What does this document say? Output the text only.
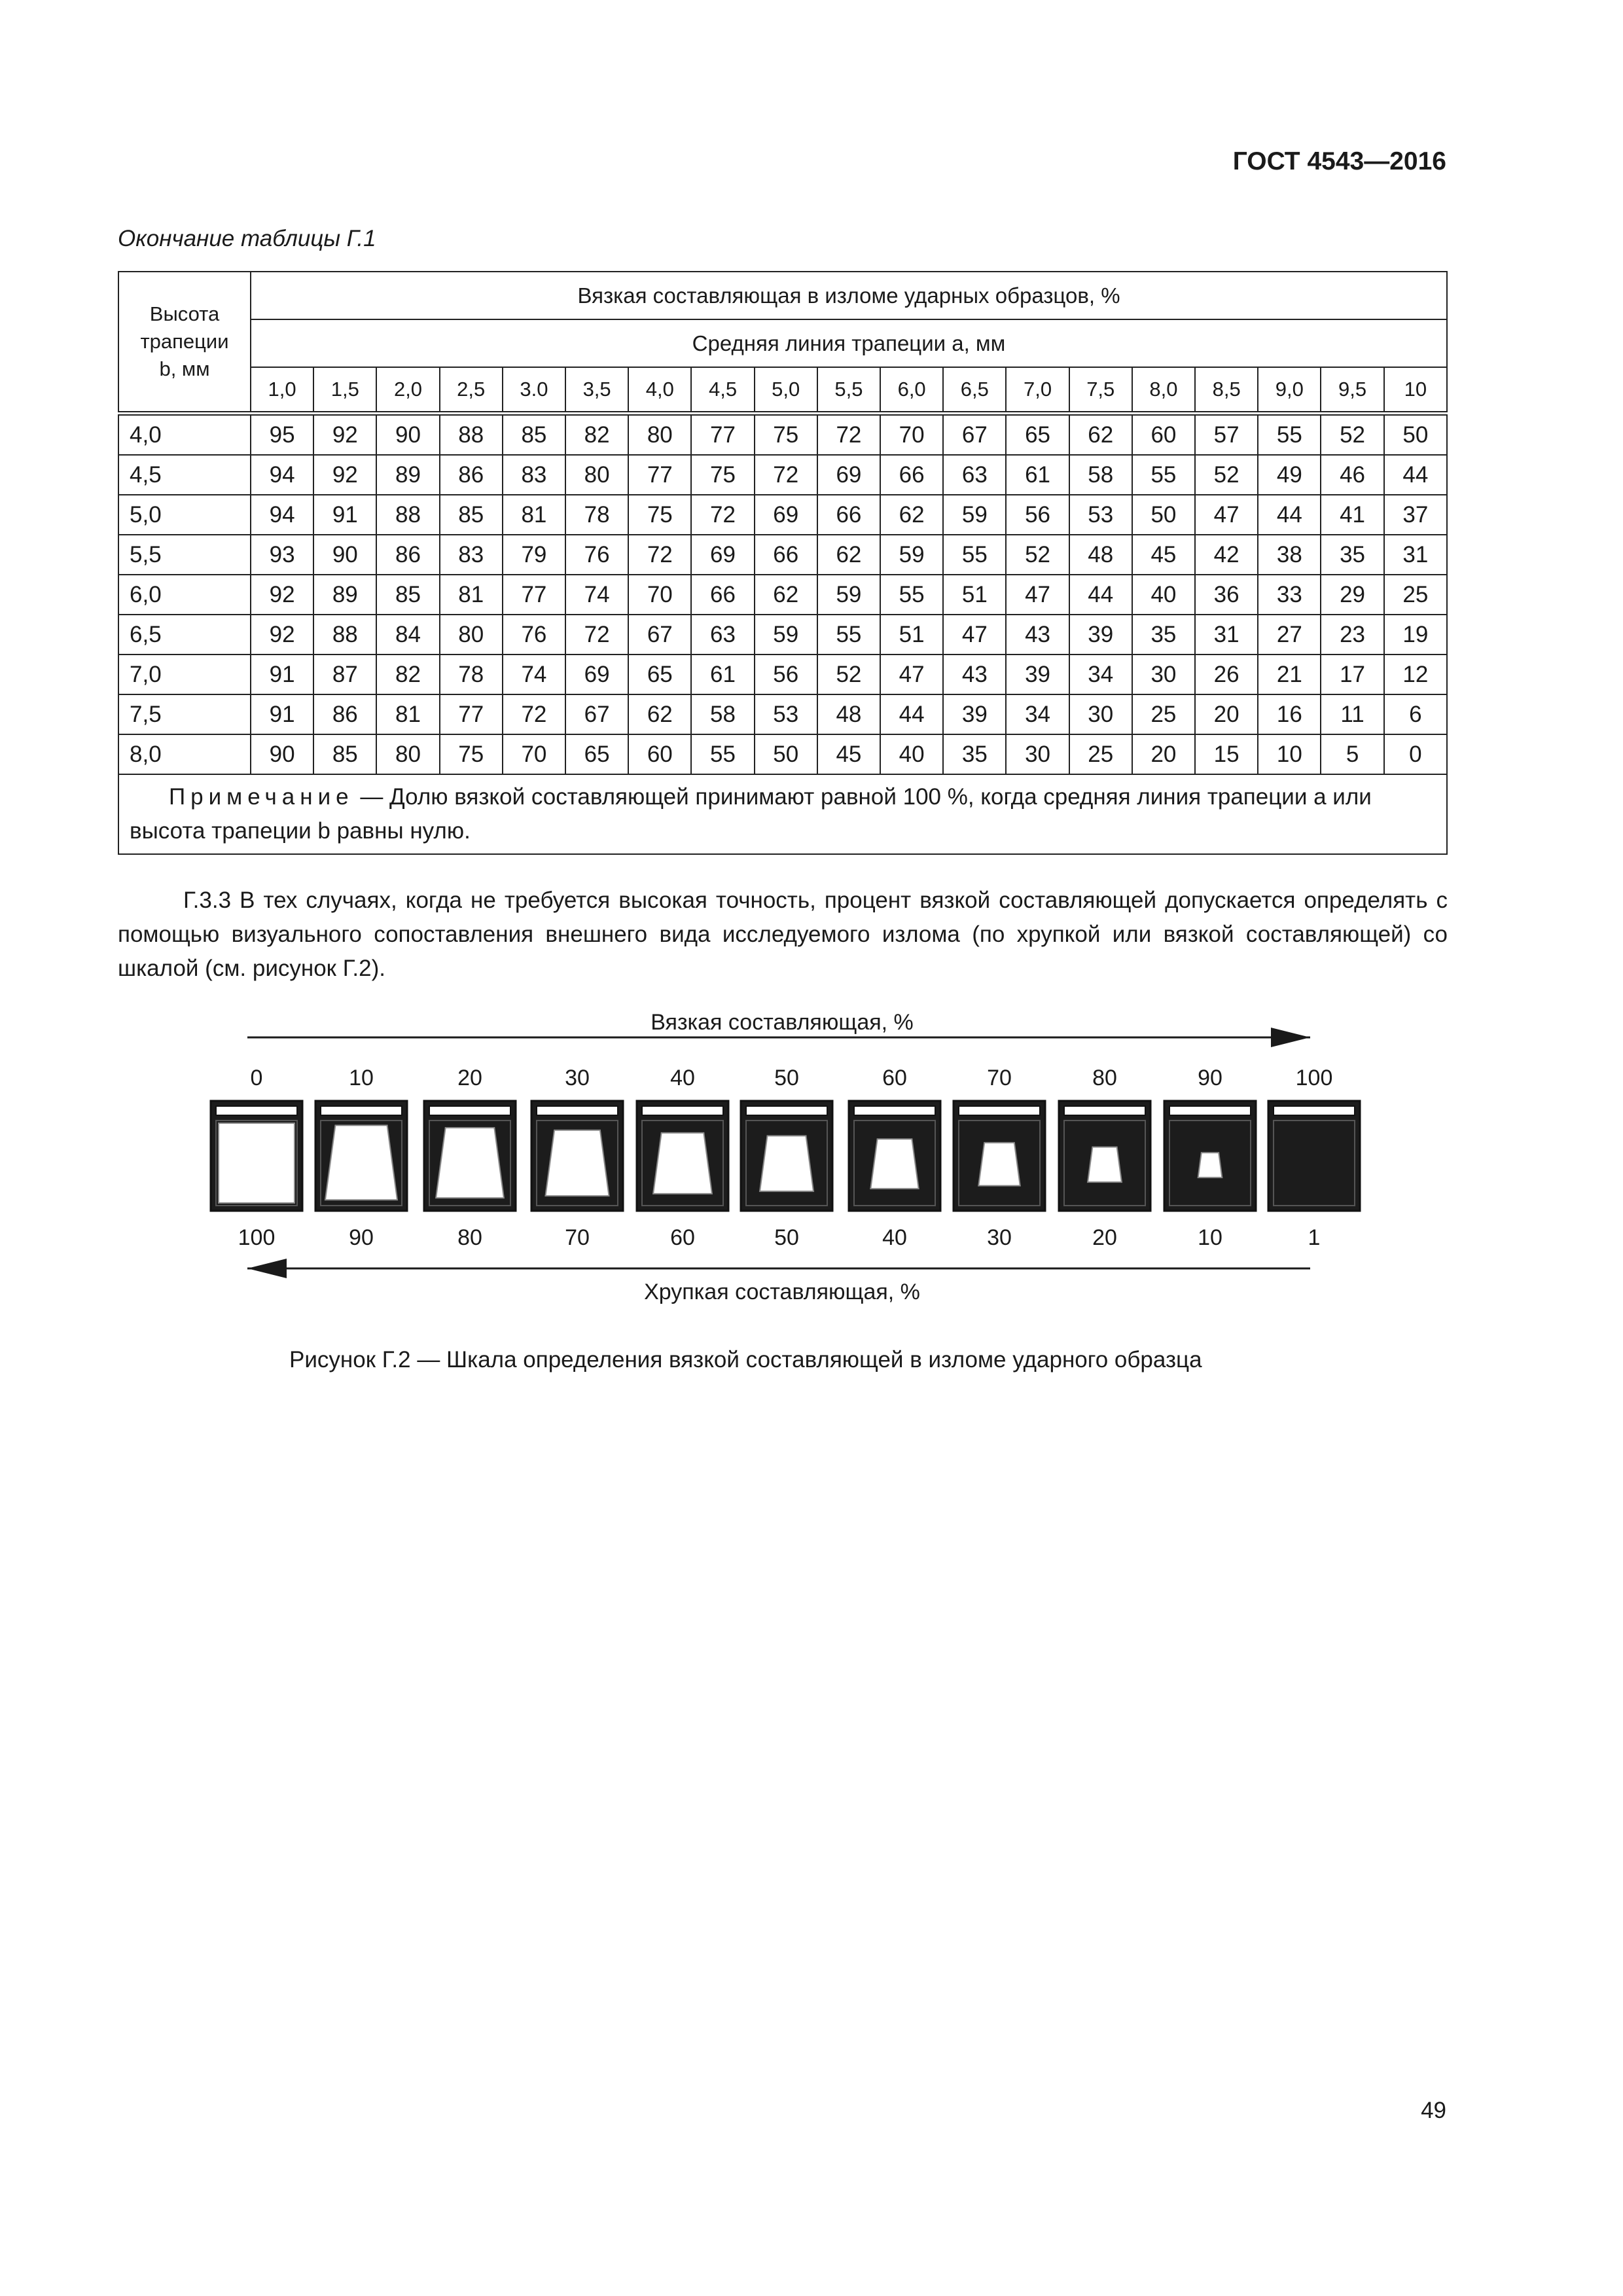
ГОСТ 4543—2016
Окончание таблицы Г.1
Высота
трапеции
b, мм	Вязкая составляющая в изломе ударных образцов, %																		
	Средняя линия трапеции a, мм																		
	1,0	1,5	2,0	2,5	3.0	3,5	4,0	4,5	5,0	5,5	6,0	6,5	7,0	7,5	8,0	8,5	9,0	9,5	10
4,0	95	92	90	88	85	82	80	77	75	72	70	67	65	62	60	57	55	52	50
4,5	94	92	89	86	83	80	77	75	72	69	66	63	61	58	55	52	49	46	44
5,0	94	91	88	85	81	78	75	72	69	66	62	59	56	53	50	47	44	41	37
5,5	93	90	86	83	79	76	72	69	66	62	59	55	52	48	45	42	38	35	31
6,0	92	89	85	81	77	74	70	66	62	59	55	51	47	44	40	36	33	29	25
6,5	92	88	84	80	76	72	67	63	59	55	51	47	43	39	35	31	27	23	19
7,0	91	87	82	78	74	69	65	61	56	52	47	43	39	34	30	26	21	17	12
7,5	91	86	81	77	72	67	62	58	53	48	44	39	34	30	25	20	16	11	6
8,0	90	85	80	75	70	65	60	55	50	45	40	35	30	25	20	15	10	5	0
Примечание — Долю вязкой составляющей принимают равной 100 %, когда средняя линия трапеции a или высота трапеции b равны нулю.																			
Г.3.3 В тех случаях, когда не требуется высокая точность, процент вязкой составляющей допускается определять с помощью визуального сопоставления внешнего вида исследуемого излома (по хрупкой или вязкой составляющей) со шкалой (см. рисунок Г.2).
Вязкая составляющая, %
0	10	20	30	40	50	60	70	80	90	100
100	90	80	70	60	50	40	30	20	10	1
Хрупкая составляющая, %
Рисунок Г.2 — Шкала определения вязкой составляющей в изломе ударного образца
49
